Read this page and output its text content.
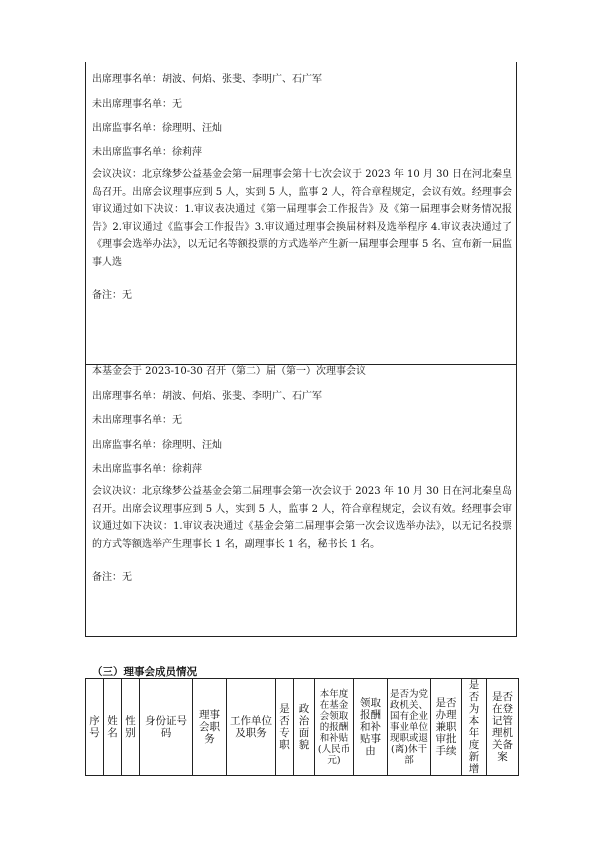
出席理事名单：胡波、何焰、张斐、李明广、石广军
未出席理事名单：无
出席监事名单：徐理明、汪灿
未出席监事名单：徐莉萍
会议决议：北京缘梦公益基金会第一届理事会第十七次会议于 2023 年 10 月 30 日在河北秦皇岛召开。出席会议理事应到 5 人，实到 5 人，监事 2 人，符合章程规定，会议有效。经理事会审议通过如下决议：1.审议表决通过《第一届理事会工作报告》及《第一届理事会财务情况报告》2.审议通过《监事会工作报告》3.审议通过理事会换届材料及选举程序 4.审议表决通过了《理事会选举办法》，以无记名等额投票的方式选举产生新一届理事会理事 5 名、宣布新一届监事人选
备注：无
本基金会于 2023-10-30 召开（第二）届（第一）次理事会议
出席理事名单：胡波、何焰、张斐、李明广、石广军
未出席理事名单：无
出席监事名单：徐理明、汪灿
未出席监事名单：徐莉萍
会议决议：北京缘梦公益基金会第二届理事会第一次会议于 2023 年 10 月 30 日在河北秦皇岛召开。出席会议理事应到 5 人，实到 5 人，监事 2 人，符合章程规定，会议有效。经理事会审议通过如下决议：1.审议表决通过《基金会第二届理事会第一次会议选举办法》，以无记名投票的方式等额选举产生理事长 1 名，副理事长 1 名，秘书长 1 名。
备注：无
（三）理事会成员情况
序号	姓名	性别	身份证号码	理事会职务	工作单位及职务	是否专职	政治面貌	本年度在基金会领取的报酬和补贴(人民币元)	领取报酬和补贴事由	是否为党政机关、国有企业事业单位现职或退(离)休干部	是否办理兼职审批手续	是否为本年度新增	是否在登记管理机关备案
